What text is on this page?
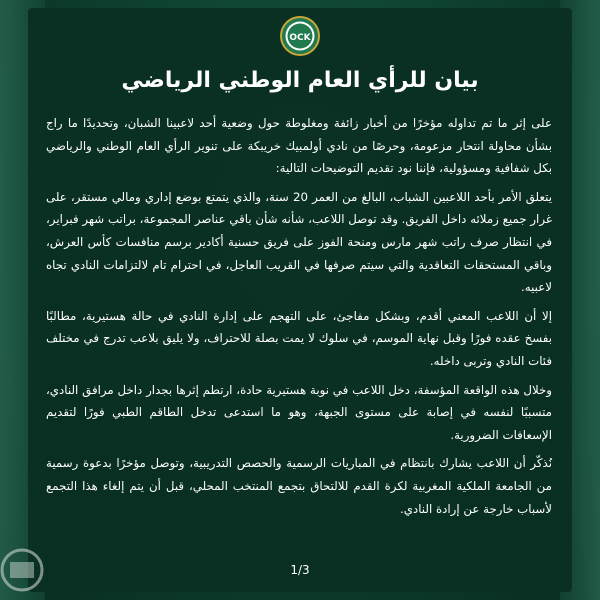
OCK
بيان للرأي العام الوطني الرياضي

على إثر ما تم تداوله مؤخرًا من أخبار زائفة ومغلوطة حول وضعية أحد لاعبينا الشبان، وتحديدًا ما راج بشأن محاولة انتحار مزعومة، وحرصًا من نادي أولمبيك خريبكة على تنوير الرأي العام الوطني والرياضي بكل شفافية ومسؤولية، فإننا نود تقديم التوضيحات التالية:

يتعلق الأمر بأحد اللاعبين الشباب، البالغ من العمر 20 سنة، والذي يتمتع بوضع إداري ومالي مستقر، على غرار جميع زملائه داخل الفريق. وقد توصل اللاعب، شأنه شأن باقي عناصر المجموعة، براتب شهر فبراير، في انتظار صرف راتب شهر مارس ومنحة الفوز على فريق حسنية أكادير برسم منافسات كأس العرش، وباقي المستحقات التعاقدية والتي سيتم صرفها في القريب العاجل، في احترام تام لالتزامات النادي تجاه لاعبيه.

إلا أن اللاعب المعني أقدم، وبشكل مفاجئ، على التهجم على إدارة النادي في حالة هستيرية، مطالبًا بفسخ عقده فورًا وقبل نهاية الموسم، في سلوك لا يمت بصلة للاحتراف، ولا يليق بلاعب تدرج في مختلف فئات النادي وتربى داخله.

وخلال هذه الواقعة المؤسفة، دخل اللاعب في نوبة هستيرية حادة، ارتطم إثرها بجدار داخل مرافق النادي، متسببًا لنفسه في إصابة على مستوى الجبهة، وهو ما استدعى تدخل الطاقم الطبي فورًا لتقديم الإسعافات الضرورية.

نُذكّر أن اللاعب يشارك بانتظام في المباريات الرسمية والحصص التدريبية، وتوصل مؤخرًا بدعوة رسمية من الجامعة الملكية المغربية لكرة القدم للالتحاق بتجمع المنتخب المحلي، قبل أن يتم إلغاء هذا التجمع لأسباب خارجة عن إرادة النادي.

1/3
